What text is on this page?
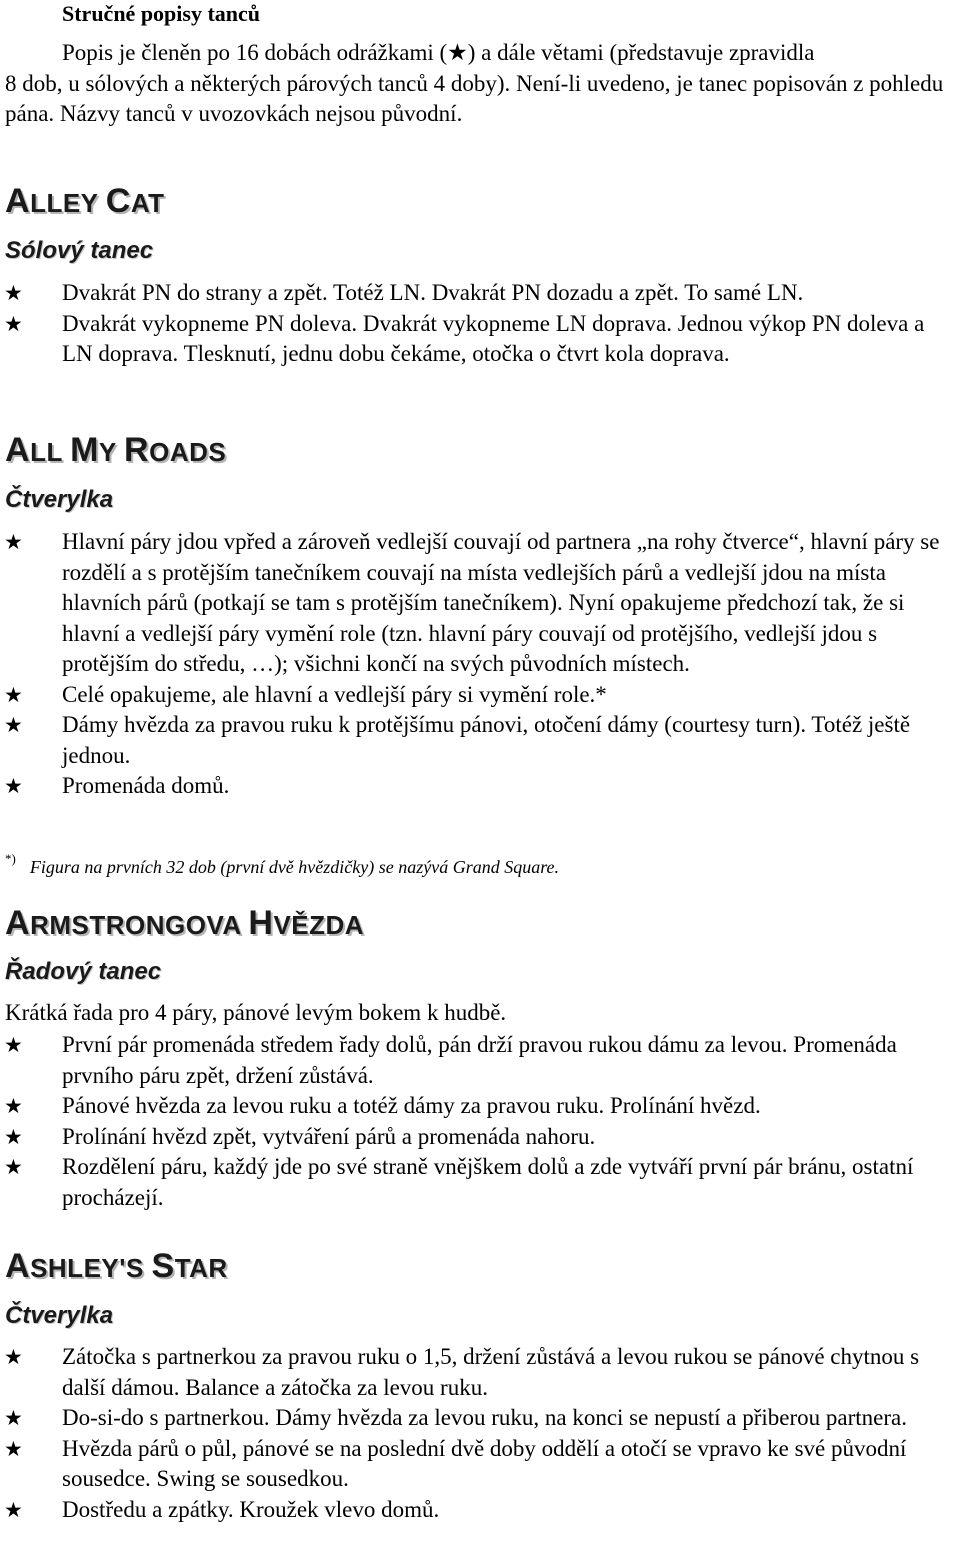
Stručné popisy tanců
Popis je členěn po 16 dobách odrážkami (★) a dále větami (představuje zpravidla
8 dob, u sólových a některých párových tanců 4 doby). Není-li uvedeno, je tanec popisován z pohledu pána. Názvy tanců v uvozovkách nejsou původní.
ALLEY CAT
Sólový tanec
★ Dvakrát PN do strany a zpět. Totéž LN. Dvakrát PN dozadu a zpět. To samé LN.
★ Dvakrát vykopneme PN doleva. Dvakrát vykopneme LN doprava. Jednou výkop PN doleva a LN doprava. Tlesknutí, jednu dobu čekáme, otočka o čtvrt kola doprava.
ALL MY ROADS
Čtverylka
★ Hlavní páry jdou vpřed a zároveň vedlejší couvají od partnera „na rohy čtverce“, hlavní páry se rozdělí a s protějším tanečníkem couvají na místa vedlejších párů a vedlejší jdou na místa hlavních párů (potkají se tam s protějším tanečníkem). Nyní opakujeme předchozí tak, že si hlavní a vedlejší páry vymění role (tzn. hlavní páry couvají od protějšího, vedlejší jdou s protějším do středu, …); všichni končí na svých původních místech.
★ Celé opakujeme, ale hlavní a vedlejší páry si vymění role.*
★ Dámy hvězda za pravou ruku k protějšímu pánovi, otočení dámy (courtesy turn). Totéž ještě jednou.
★ Promenáda domů.
*) Figura na prvních 32 dob (první dvě hvězdičky) se nazývá Grand Square.
ARMSTRONGOVA HVĚZDA
Řadový tanec
Krátká řada pro 4 páry, pánové levým bokem k hudbě.
★ První pár promenáda středem řady dolů, pán drží pravou rukou dámu za levou. Promenáda prvního páru zpět, držení zůstává.
★ Pánové hvězda za levou ruku a totéž dámy za pravou ruku. Prolínání hvězd.
★ Prolínání hvězd zpět, vytváření párů a promenáda nahoru.
★ Rozdělení páru, každý jde po své straně vnějškem dolů a zde vytváří první pár bránu, ostatní procházejí.
ASHLEY'S STAR
Čtverylka
★ Zátočka s partnerkou za pravou ruku o 1,5, držení zůstává a levou rukou se pánové chytnou s další dámou. Balance a zátočka za levou ruku.
★ Do-si-do s partnerkou. Dámy hvězda za levou ruku, na konci se nepustí a přiberou partnera.
★ Hvězda párů o půl, pánové se na poslední dvě doby oddělí a otočí se vpravo ke své původní sousedce. Swing se sousedkou.
★ Dostředu a zpátky. Kroužek vlevo domů.
